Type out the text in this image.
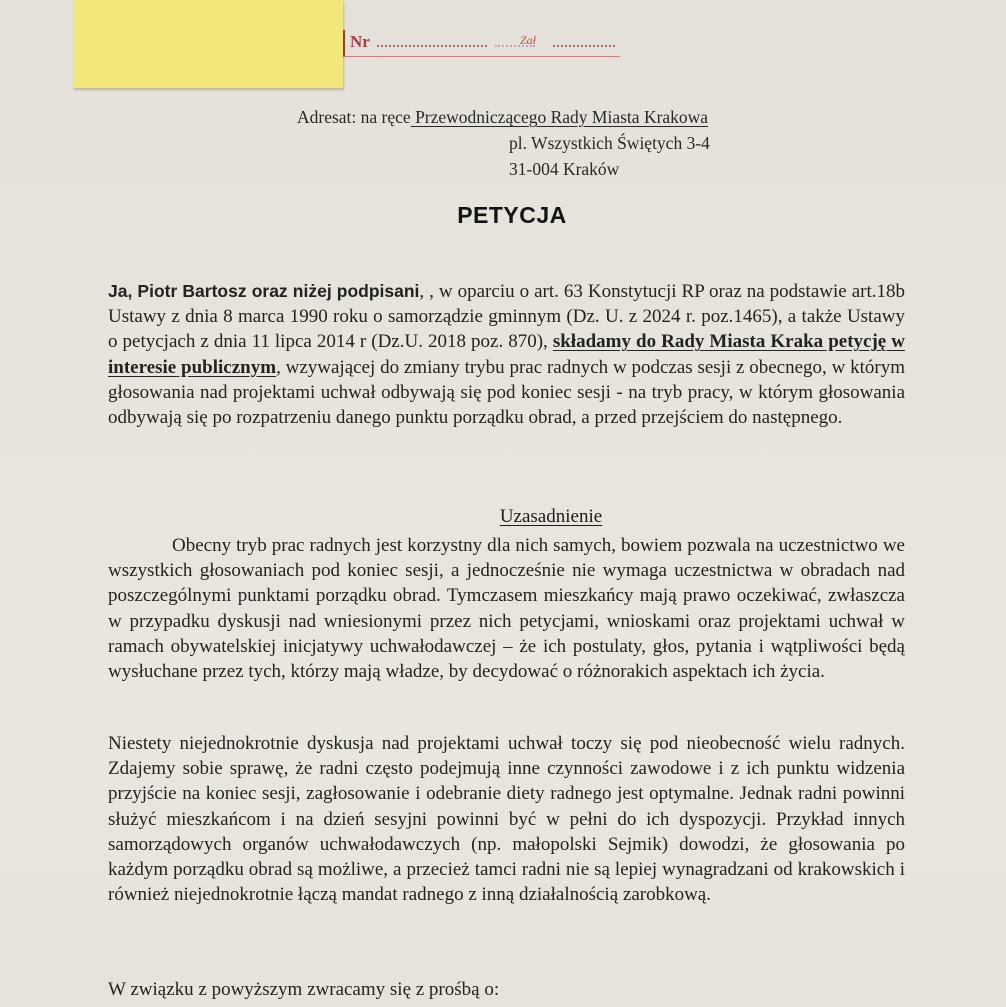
Nr	Zał
Adresat: na ręce Przewodniczącego Rady Miasta Krakowa
pl. Wszystkich Świętych 3-4
31-004 Kraków
PETYCJA
Ja, Piotr Bartosz oraz niżej podpisani, , w oparciu o art. 63 Konstytucji RP oraz na podstawie art.18b Ustawy z dnia 8 marca 1990 roku o samorządzie gminnym (Dz. U. z 2024 r. poz.1465), a także Ustawy o petycjach z dnia 11 lipca 2014 r (Dz.U. 2018 poz. 870), składamy do Rady Miasta Kraka petycję w interesie publicznym, wzywającej do zmiany trybu prac radnych w podczas sesji z obecnego, w którym głosowania nad projektami uchwał odbywają się pod koniec sesji - na tryb pracy, w którym głosowania odbywają się po rozpatrzeniu danego punktu porządku obrad, a przed przejściem do następnego.
Uzasadnienie
Obecny tryb prac radnych jest korzystny dla nich samych, bowiem pozwala na uczestnictwo we wszystkich głosowaniach pod koniec sesji, a jednocześnie nie wymaga uczestnictwa w obradach nad poszczególnymi punktami porządku obrad. Tymczasem mieszkańcy mają prawo oczekiwać, zwłaszcza w przypadku dyskusji nad wniesionymi przez nich petycjami, wnioskami oraz projektami uchwał w ramach obywatelskiej inicjatywy uchwałodawczej – że ich postulaty, głos, pytania i wątpliwości będą wysłuchane przez tych, którzy mają władze, by decydować o różnorakich aspektach ich życia.
Niestety niejednokrotnie dyskusja nad projektami uchwał toczy się pod nieobecność wielu radnych. Zdajemy sobie sprawę, że radni często podejmują inne czynności zawodowe i z ich punktu widzenia przyjście na koniec sesji, zagłosowanie i odebranie diety radnego jest optymalne. Jednak radni powinni służyć mieszkańcom i na dzień sesyjni powinni być w pełni do ich dyspozycji. Przykład innych samorządowych organów uchwałodawczych (np. małopolski Sejmik) dowodzi, że głosowania po każdym porządku obrad są możliwe, a przecież tamci radni nie są lepiej wynagradzani od krakowskich i również niejednokrotnie łączą mandat radnego z inną działalnością zarobkową.
W związku z powyższym zwracamy się z prośbą o:
